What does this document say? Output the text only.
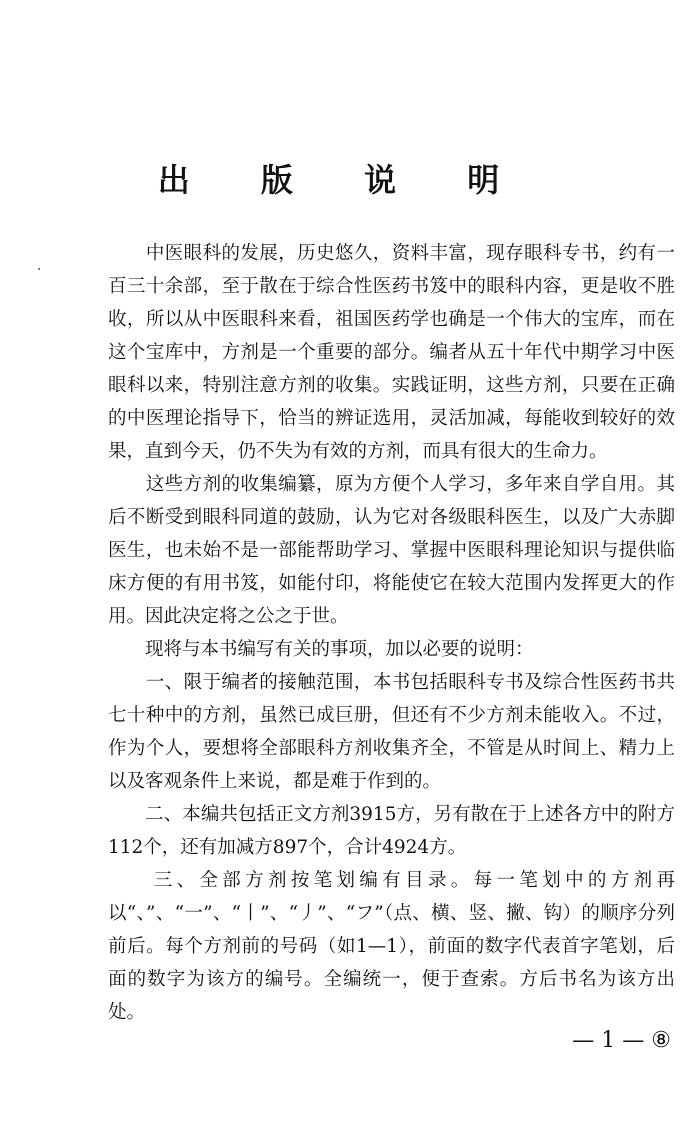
出 版 说 明

　　中医眼科的发展，历史悠久，资料丰富，现存眼科专书，约有一百三十余部，至于散在于综合性医药书笈中的眼科内容，更是收不胜收，所以从中医眼科来看，祖国医药学也确是一个伟大的宝库，而在这个宝库中，方剂是一个重要的部分。编者从五十年代中期学习中医眼科以来，特别注意方剂的收集。实践证明，这些方剂，只要在正确的中医理论指导下，恰当的辨证选用，灵活加减，每能收到较好的效果，直到今天，仍不失为有效的方剂，而具有很大的生命力。

　　这些方剂的收集编纂，原为方便个人学习，多年来自学自用。其后不断受到眼科同道的鼓励，认为它对各级眼科医生，以及广大赤脚医生，也未始不是一部能帮助学习、掌握中医眼科理论知识与提供临床方便的有用书笈，如能付印，将能使它在较大范围内发挥更大的作用。因此决定将之公之于世。

　　现将与本书编写有关的事项，加以必要的说明：

　　一、限于编者的接触范围，本书包括眼科专书及综合性医药书共七十种中的方剂，虽然已成巨册，但还有不少方剂未能收入。不过，作为个人，要想将全部眼科方剂收集齐全，不管是从时间上、精力上以及客观条件上来说，都是难于作到的。

　　二、本编共包括正文方剂3915方，另有散在于上述各方中的附方112个，还有加减方897个，合计4924方。

　　三、全部方剂按笔划编有目录。每一笔划中的方剂再以“、”、“一”、“丨”、“丿”、“フ”（点、横、竖、撇、钩）的顺序分列前后。每个方剂前的号码（如1—1），前面的数字代表首字笔划，后面的数字为该方的编号。全编统一，便于查索。方后书名为该方出处。

— 1 — ⑧
